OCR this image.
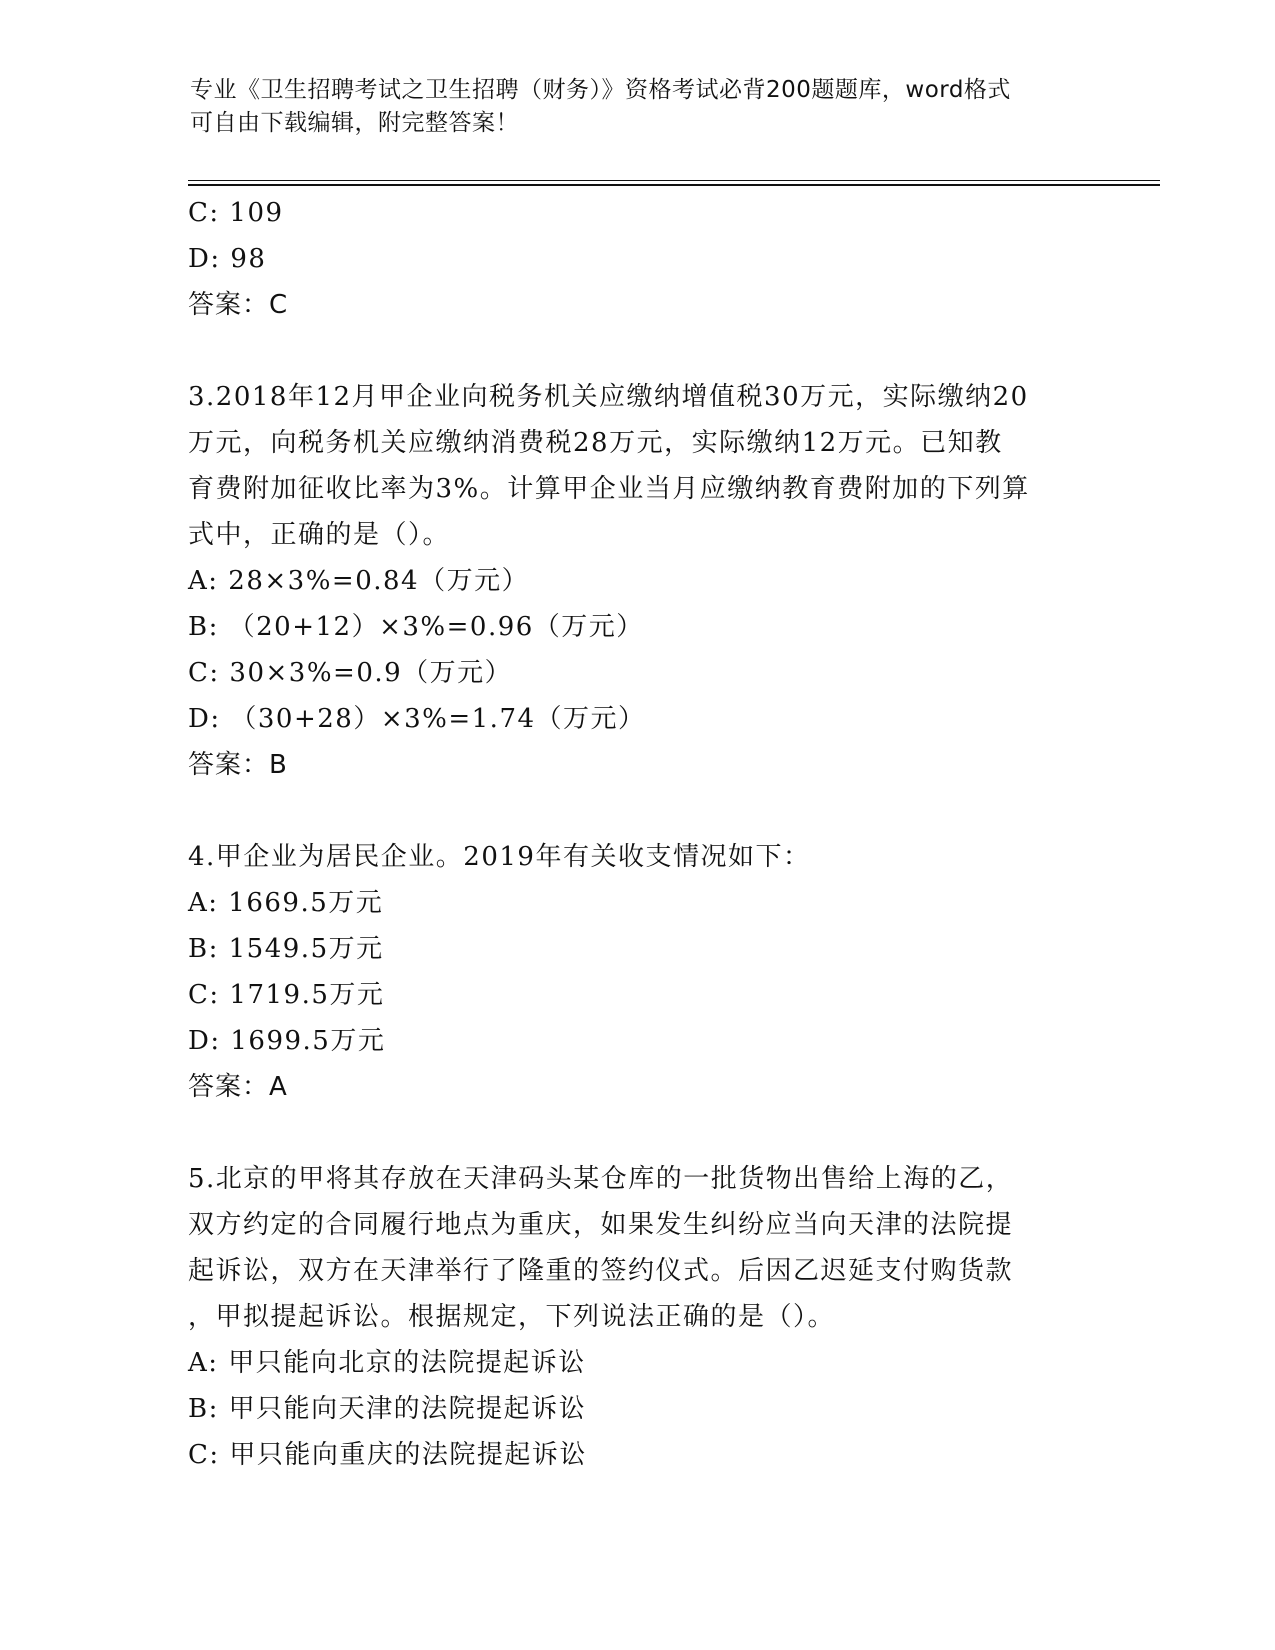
专业《卫生招聘考试之卫生招聘（财务）》资格考试必背200题题库，word格式
可自由下载编辑，附完整答案！
C: 109
D: 98
答案：C
3.2018年12月甲企业向税务机关应缴纳增值税30万元，实际缴纳20
万元，向税务机关应缴纳消费税28万元，实际缴纳12万元。已知教
育费附加征收比率为3%。计算甲企业当月应缴纳教育费附加的下列算
式中，正确的是（）。
A: 28×3%=0.84（万元）
B: （20+12）×3%=0.96（万元）
C: 30×3%=0.9（万元）
D: （30+28）×3%=1.74（万元）
答案：B
4.甲企业为居民企业。2019年有关收支情况如下：
A: 1669.5万元
B: 1549.5万元
C: 1719.5万元
D: 1699.5万元
答案：A
5.北京的甲将其存放在天津码头某仓库的一批货物出售给上海的乙，
双方约定的合同履行地点为重庆，如果发生纠纷应当向天津的法院提
起诉讼，双方在天津举行了隆重的签约仪式。后因乙迟延支付购货款
，甲拟提起诉讼。根据规定，下列说法正确的是（）。
A: 甲只能向北京的法院提起诉讼
B: 甲只能向天津的法院提起诉讼
C: 甲只能向重庆的法院提起诉讼
